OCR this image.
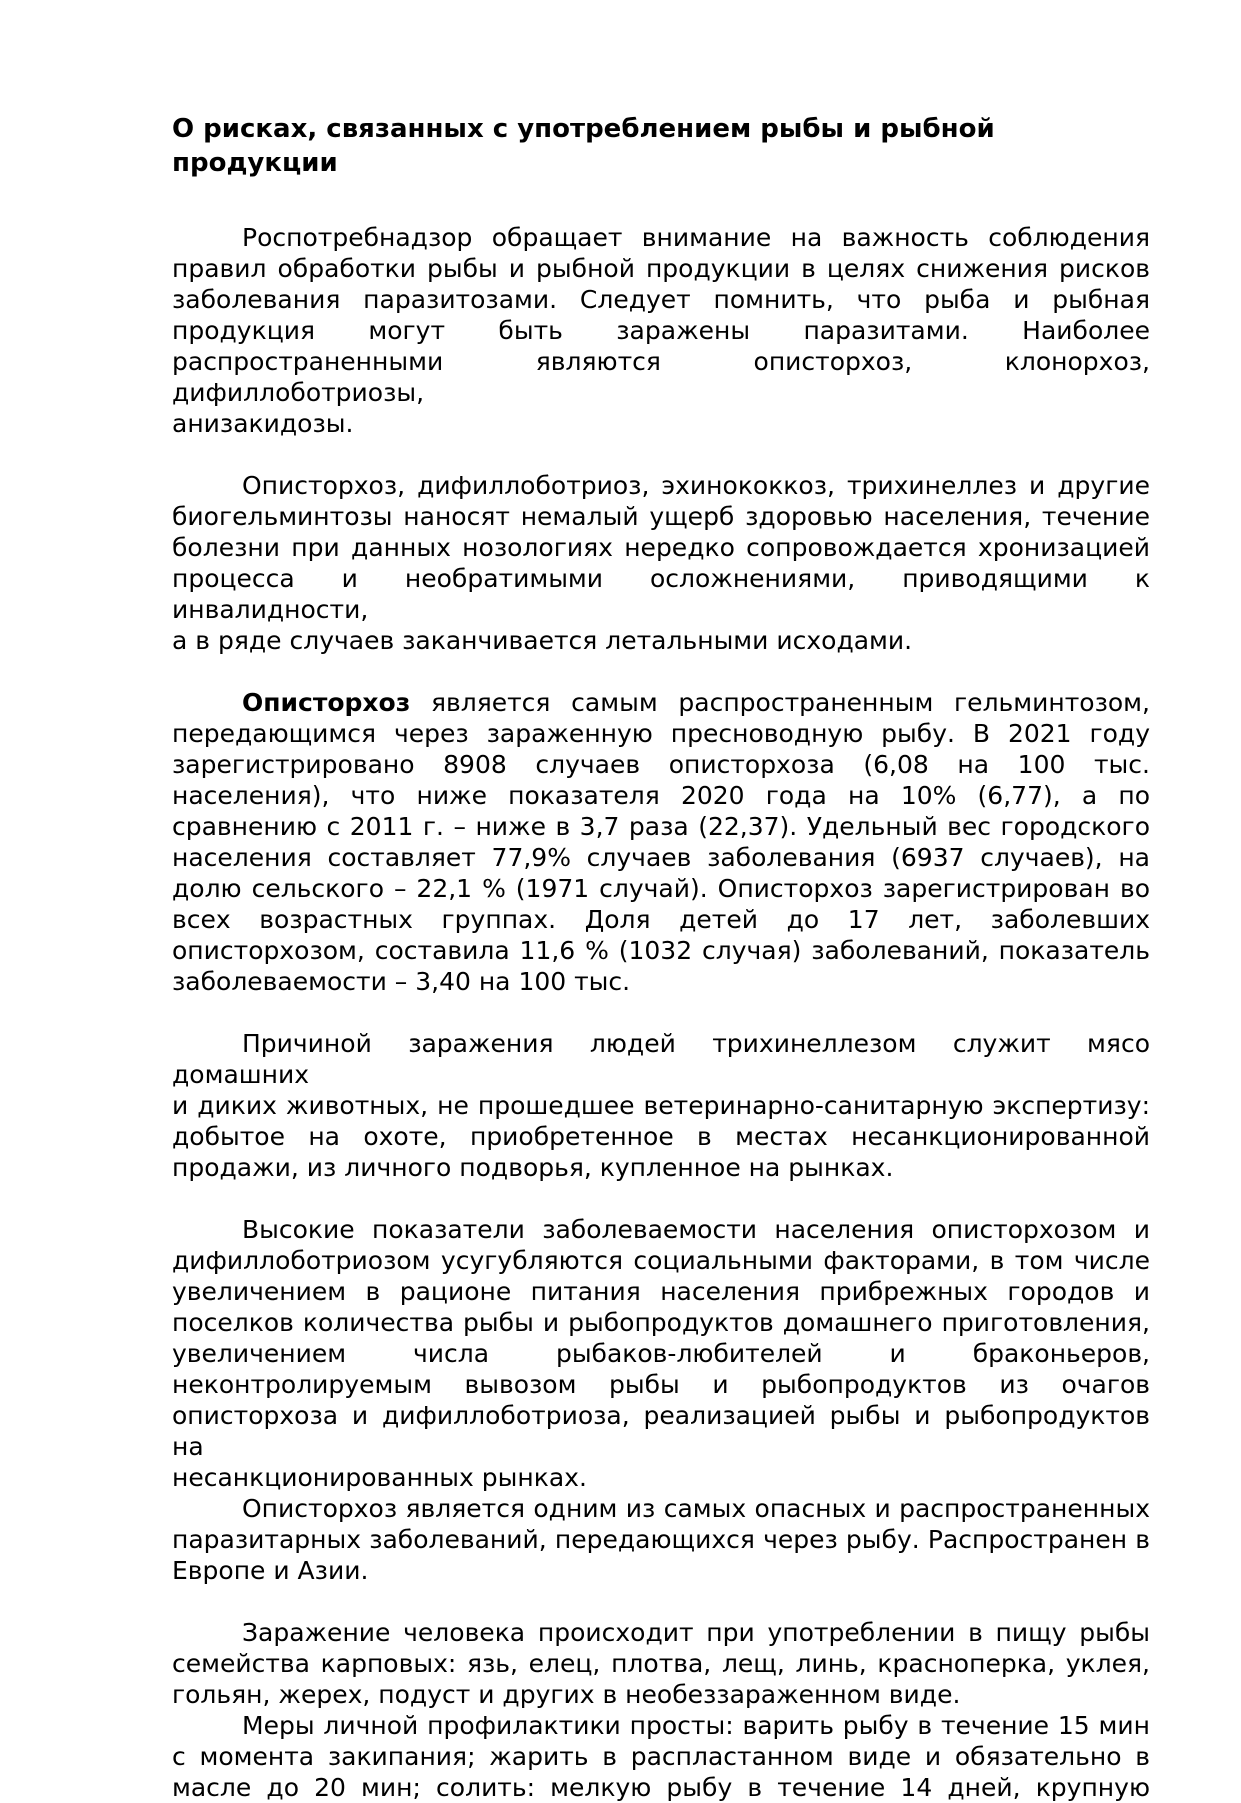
О рисках, связанных с употреблением рыбы и рыбной продукции
Роспотребнадзор обращает внимание на важность соблюдения
правил обработки рыбы и рыбной продукции в целях снижения рисков
заболевания паразитозами. Следует помнить, что рыба и рыбная
продукция могут быть заражены паразитами. Наиболее
распространенными являются описторхоз, клонорхоз, дифиллоботриозы,
анизакидозы.
Описторхоз, дифиллоботриоз, эхинококкоз, трихинеллез и другие
биогельминтозы наносят немалый ущерб здоровью населения, течение
болезни при данных нозологиях нередко сопровождается хронизацией
процесса и необратимыми осложнениями, приводящими к инвалидности,
а в ряде случаев заканчивается летальными исходами.
Описторхоз является самым распространенным гельминтозом,
передающимся через зараженную пресноводную рыбу. В 2021 году
зарегистрировано 8908 случаев описторхоза (6,08 на 100 тыс.
населения), что ниже показателя 2020 года на 10% (6,77), а по
сравнению с 2011 г. – ниже в 3,7 раза (22,37). Удельный вес городского
населения составляет 77,9% случаев заболевания (6937 случаев), на
долю сельского – 22,1 % (1971 случай). Описторхоз зарегистрирован во
всех возрастных группах. Доля детей до 17 лет, заболевших
описторхозом, составила 11,6 % (1032 случая) заболеваний, показатель
заболеваемости – 3,40 на 100 тыс.
Причиной заражения людей трихинеллезом служит мясо домашних
и диких животных, не прошедшее ветеринарно-санитарную экспертизу:
добытое на охоте, приобретенное в местах несанкционированной
продажи, из личного подворья, купленное на рынках.
Высокие показатели заболеваемости населения описторхозом и
дифиллоботриозом усугубляются социальными факторами, в том числе
увеличением в рационе питания населения прибрежных городов и
поселков количества рыбы и рыбопродуктов домашнего приготовления,
увеличением числа рыбаков-любителей и браконьеров,
неконтролируемым вывозом рыбы и рыбопродуктов из очагов
описторхоза и дифиллоботриоза, реализацией рыбы и рыбопродуктов на
несанкционированных рынках.
Описторхоз является одним из самых опасных и распространенных
паразитарных заболеваний, передающихся через рыбу. Распространен в
Европе и Азии.
Заражение человека происходит при употреблении в пищу рыбы
семейства карповых: язь, елец, плотва, лещ, линь, красноперка, уклея,
гольян, жерех, подуст и других в необеззараженном виде.
Меры личной профилактики просты: варить рыбу в течение 15 мин
с момента закипания; жарить в распластанном виде и обязательно в
масле до 20 мин; солить: мелкую рыбу в течение 14 дней, крупную
